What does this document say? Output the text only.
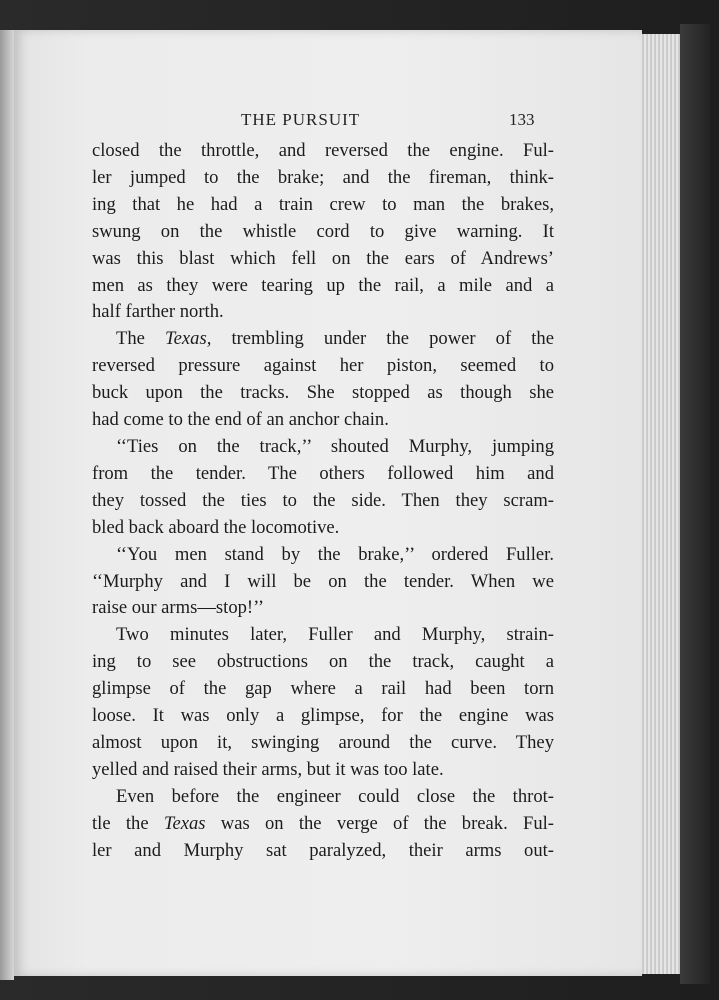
THE PURSUIT	133

closed the throttle, and reversed the engine. Ful-
ler jumped to the brake; and the fireman, think-
ing that he had a train crew to man the brakes,
swung on the whistle cord to give warning. It
was this blast which fell on the ears of Andrews’
men as they were tearing up the rail, a mile and a
half farther north.

The Texas, trembling under the power of the
reversed pressure against her piston, seemed to
buck upon the tracks. She stopped as though she
had come to the end of an anchor chain.

‘‘Ties on the track,’’ shouted Murphy, jumping
from the tender. The others followed him and
they tossed the ties to the side. Then they scram-
bled back aboard the locomotive.

‘‘You men stand by the brake,’’ ordered Fuller.
‘‘Murphy and I will be on the tender. When we
raise our arms—stop!’’

Two minutes later, Fuller and Murphy, strain-
ing to see obstructions on the track, caught a
glimpse of the gap where a rail had been torn
loose. It was only a glimpse, for the engine was
almost upon it, swinging around the curve. They
yelled and raised their arms, but it was too late.

Even before the engineer could close the throt-
tle the Texas was on the verge of the break. Ful-
ler and Murphy sat paralyzed, their arms out-
